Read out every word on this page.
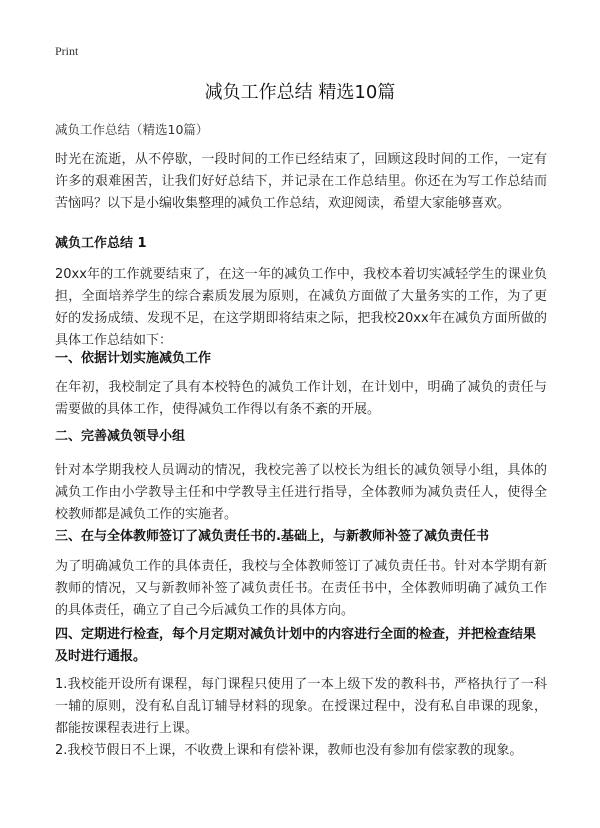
Print
减负工作总结 精选10篇
减负工作总结（精选10篇）

时光在流逝，从不停歇，一段时间的工作已经结束了，回顾这段时间的工作，一定有许多的艰难困苦，让我们好好总结下，并记录在工作总结里。你还在为写工作总结而苦恼吗？以下是小编收集整理的减负工作总结，欢迎阅读，希望大家能够喜欢。

减负工作总结 1

20xx年的工作就要结束了，在这一年的减负工作中，我校本着切实减轻学生的课业负担，全面培养学生的综合素质发展为原则，在减负方面做了大量务实的工作，为了更好的发扬成绩、发现不足，在这学期即将结束之际，把我校20xx年在减负方面所做的具体工作总结如下：

一、依据计划实施减负工作

在年初，我校制定了具有本校特色的减负工作计划，在计划中，明确了减负的责任与需要做的具体工作，使得减负工作得以有条不紊的开展。

二、完善减负领导小组

针对本学期我校人员调动的情况，我校完善了以校长为组长的减负领导小组，具体的减负工作由小学教导主任和中学教导主任进行指导，全体教师为减负责任人，使得全校教师都是减负工作的实施者。

三、在与全体教师签订了减负责任书的.基础上，与新教师补签了减负责任书

为了明确减负工作的具体责任，我校与全体教师签订了减负责任书。针对本学期有新教师的情况，又与新教师补签了减负责任书。在责任书中，全体教师明确了减负工作的具体责任，确立了自己今后减负工作的具体方向。

四、定期进行检查，每个月定期对减负计划中的内容进行全面的检查，并把检查结果及时进行通报。

1.我校能开设所有课程，每门课程只使用了一本上级下发的教科书，严格执行了一科一辅的原则，没有私自乱订辅导材料的现象。在授课过程中，没有私自串课的现象，都能按课程表进行上课。

2.我校节假日不上课，不收费上课和有偿补课，教师也没有参加有偿家教的现象。
